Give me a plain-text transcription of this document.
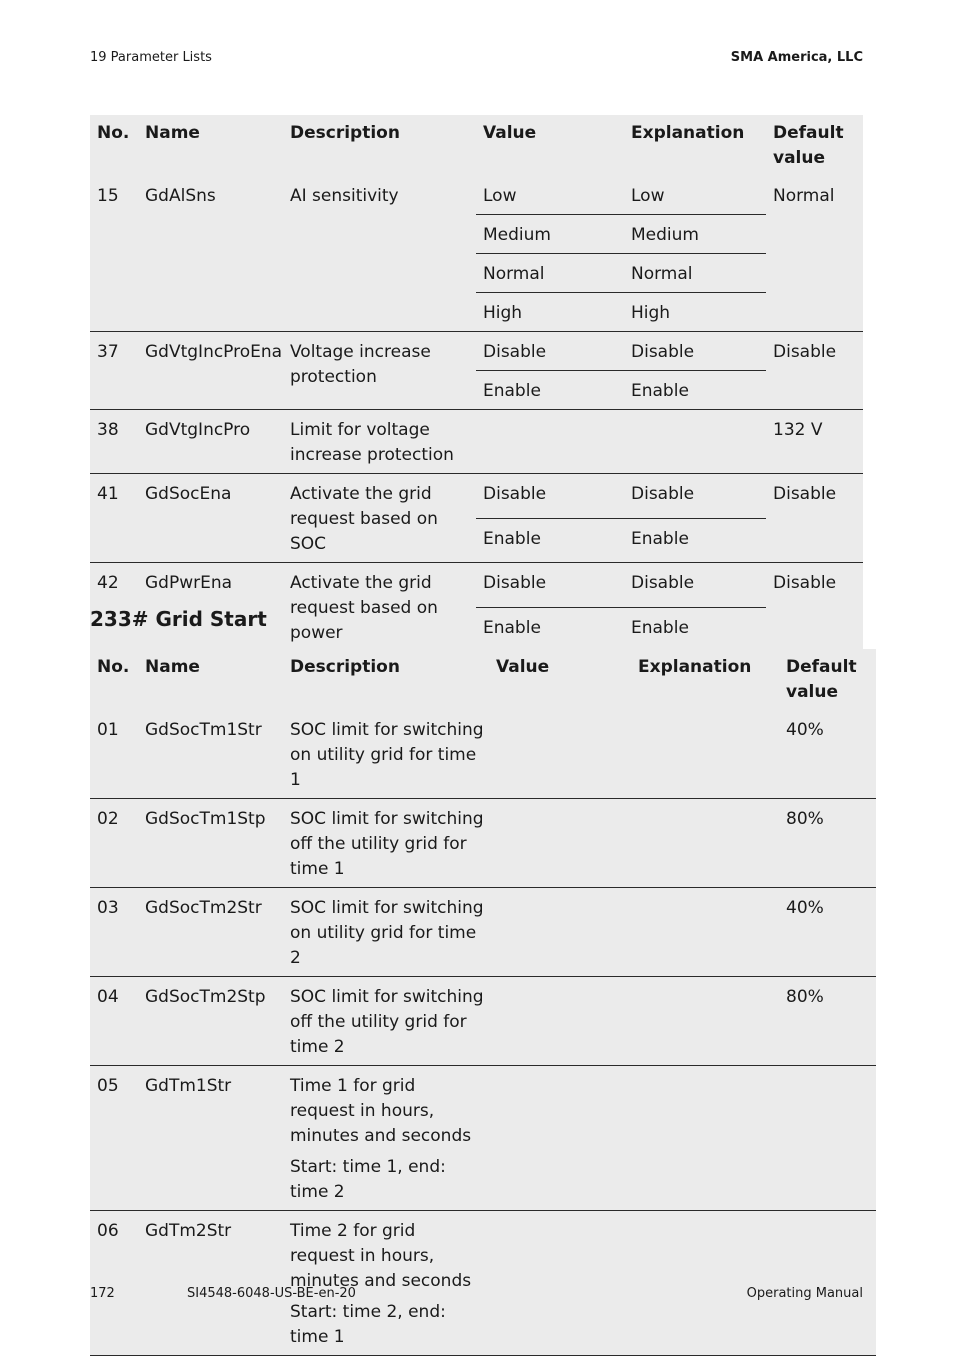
19 Parameter Lists	SMA America, LLC
No.	Name	Description	Value	Explanation	Default value
15	GdAlSns	AI sensitivity	Low	Low	Normal
			Medium	Medium	
			Normal	Normal	
			High	High	
37	GdVtgIncProEna	Voltage increase protection	Disable	Disable	Disable
			Enable	Enable	
38	GdVtgIncPro	Limit for voltage increase protection			132 V
41	GdSocEna	Activate the grid request based on SOC	Disable	Disable	Disable
			Enable	Enable	
42	GdPwrEna	Activate the grid request based on power	Disable	Disable	Disable
			Enable	Enable	
233# Grid Start
No.	Name	Description	Value	Explanation	Default value
01	GdSocTm1Str	SOC limit for switching on utility grid for time 1			40%
02	GdSocTm1Stp	SOC limit for switching off the utility grid for time 1			80%
03	GdSocTm2Str	SOC limit for switching on utility grid for time 2			40%
04	GdSocTm2Stp	SOC limit for switching off the utility grid for time 2			80%
05	GdTm1Str	Time 1 for grid request in hours, minutes and seconds
Start: time 1, end: time 2			

06	GdTm2Str	Time 2 for grid request in hours, minutes and seconds
Start: time 2, end: time 1			

172	SI4548-6048-US-BE-en-20	Operating Manual
